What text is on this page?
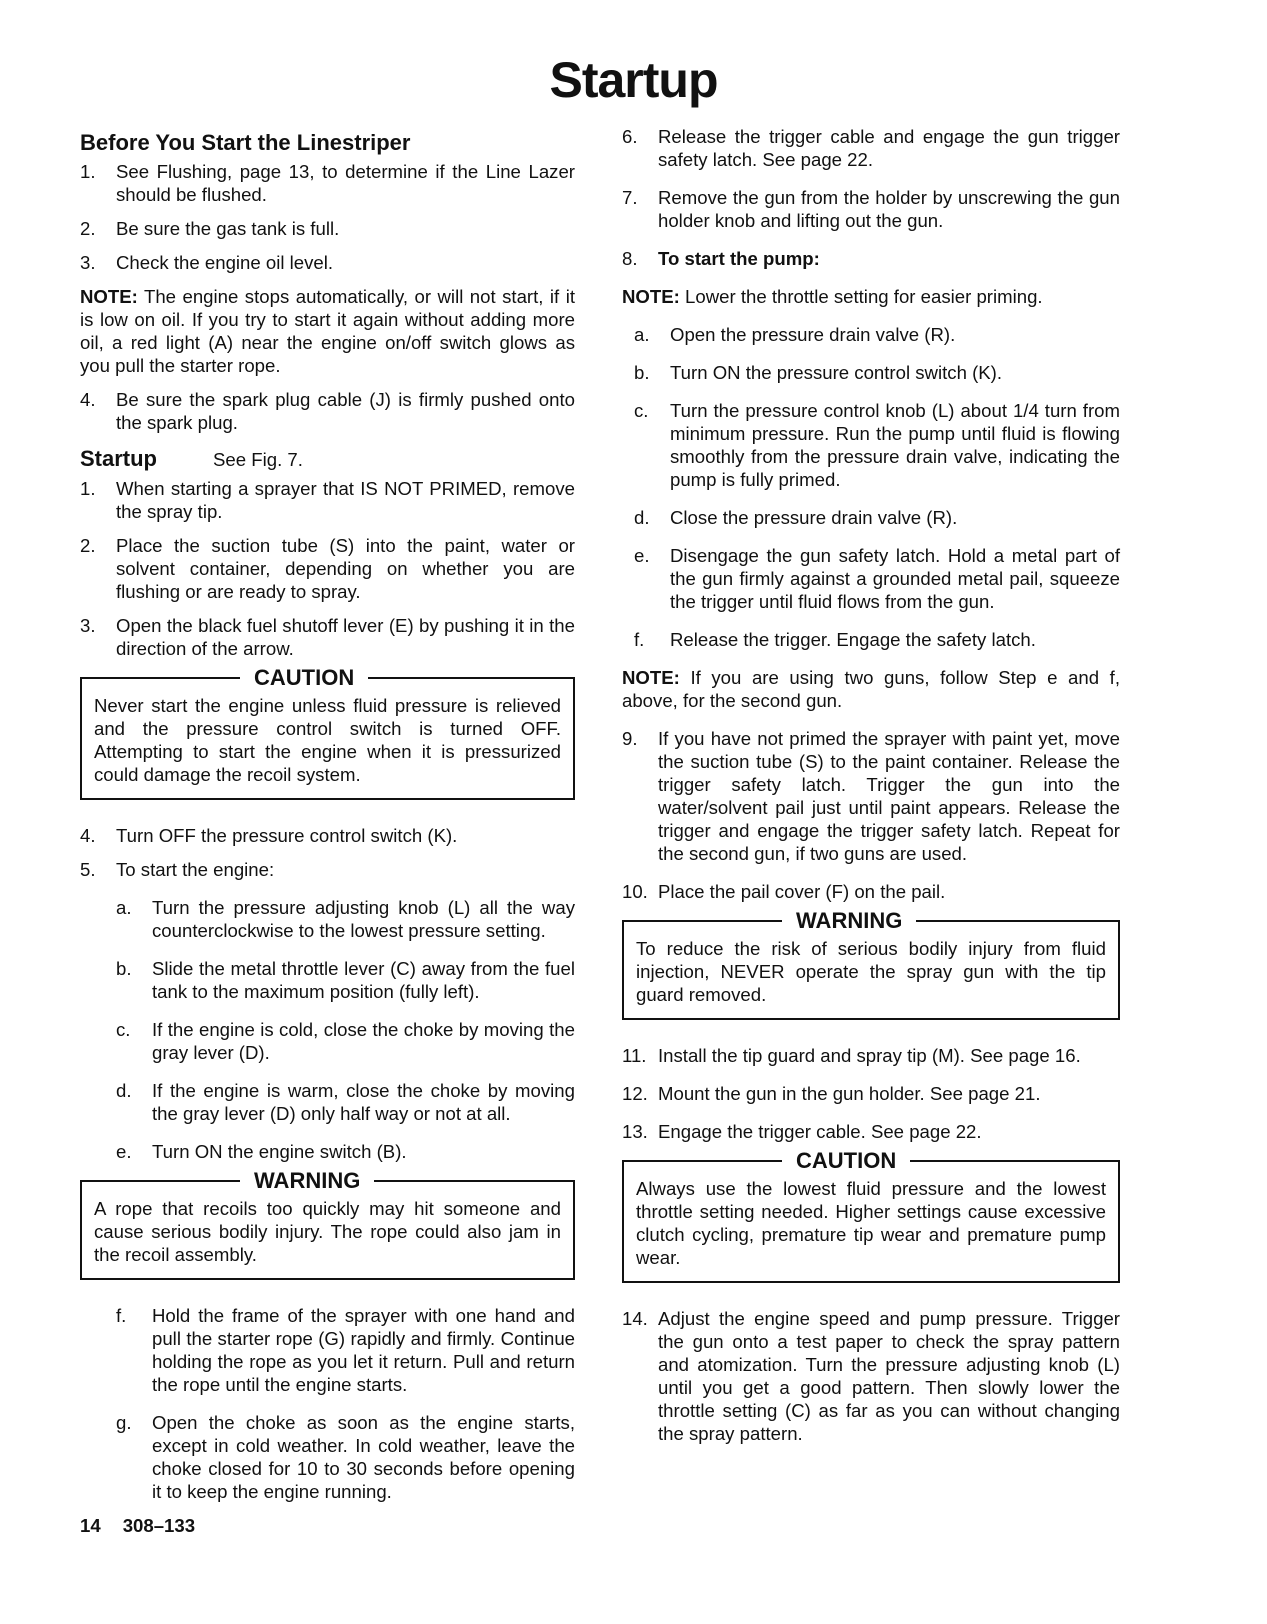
Startup
Before You Start the Linestriper
1.	See Flushing, page 13, to determine if the Line Lazer should be flushed.
2.	Be sure the gas tank is full.
3.	Check the engine oil level.
NOTE: The engine stops automatically, or will not start, if it is low on oil. If you try to start it again without adding more oil, a red light (A) near the engine on/off switch glows as you pull the starter rope.
4.	Be sure the spark plug cable (J) is firmly pushed onto the spark plug.
Startup	See Fig. 7.
1.	When starting a sprayer that IS NOT PRIMED, remove the spray tip.
2.	Place the suction tube (S) into the paint, water or solvent container, depending on whether you are flushing or are ready to spray.
3.	Open the black fuel shutoff lever (E) by pushing it in the direction of the arrow.
CAUTION
Never start the engine unless fluid pressure is relieved and the pressure control switch is turned OFF. Attempting to start the engine when it is pressurized could damage the recoil system.
4.	Turn OFF the pressure control switch (K).
5.	To start the engine:
a.	Turn the pressure adjusting knob (L) all the way counterclockwise to the lowest pressure setting.
b.	Slide the metal throttle lever (C) away from the fuel tank to the maximum position (fully left).
c.	If the engine is cold, close the choke by moving the gray lever (D).
d.	If the engine is warm, close the choke by moving the gray lever (D) only half way or not at all.
e.	Turn ON the engine switch (B).
WARNING
A rope that recoils too quickly may hit someone and cause serious bodily injury. The rope could also jam in the recoil assembly.
f.	Hold the frame of the sprayer with one hand and pull the starter rope (G) rapidly and firmly. Continue holding the rope as you let it return. Pull and return the rope until the engine starts.
g.	Open the choke as soon as the engine starts, except in cold weather. In cold weather, leave the choke closed for 10 to 30 seconds before opening it to keep the engine running.
6.	Release the trigger cable and engage the gun trigger safety latch. See page 22.
7.	Remove the gun from the holder by unscrewing the gun holder knob and lifting out the gun.
8.	To start the pump:
NOTE: Lower the throttle setting for easier priming.
a.	Open the pressure drain valve (R).
b.	Turn ON the pressure control switch (K).
c.	Turn the pressure control knob (L) about 1/4 turn from minimum pressure. Run the pump until fluid is flowing smoothly from the pressure drain valve, indicating the pump is fully primed.
d.	Close the pressure drain valve (R).
e.	Disengage the gun safety latch. Hold a metal part of the gun firmly against a grounded metal pail, squeeze the trigger until fluid flows from the gun.
f.	Release the trigger. Engage the safety latch.
NOTE: If you are using two guns, follow Step e and f, above, for the second gun.
9.	If you have not primed the sprayer with paint yet, move the suction tube (S) to the paint container. Release the trigger safety latch. Trigger the gun into the water/solvent pail just until paint appears. Release the trigger and engage the trigger safety latch. Repeat for the second gun, if two guns are used.
10. Place the pail cover (F) on the pail.
WARNING
To reduce the risk of serious bodily injury from fluid injection, NEVER operate the spray gun with the tip guard removed.
11. Install the tip guard and spray tip (M). See page 16.
12. Mount the gun in the gun holder. See page 21.
13. Engage the trigger cable. See page 22.
CAUTION
Always use the lowest fluid pressure and the lowest throttle setting needed. Higher settings cause excessive clutch cycling, premature tip wear and premature pump wear.
14. Adjust the engine speed and pump pressure. Trigger the gun onto a test paper to check the spray pattern and atomization. Turn the pressure adjusting knob (L) until you get a good pattern. Then slowly lower the throttle setting (C) as far as you can without changing the spray pattern.
14 308–133
